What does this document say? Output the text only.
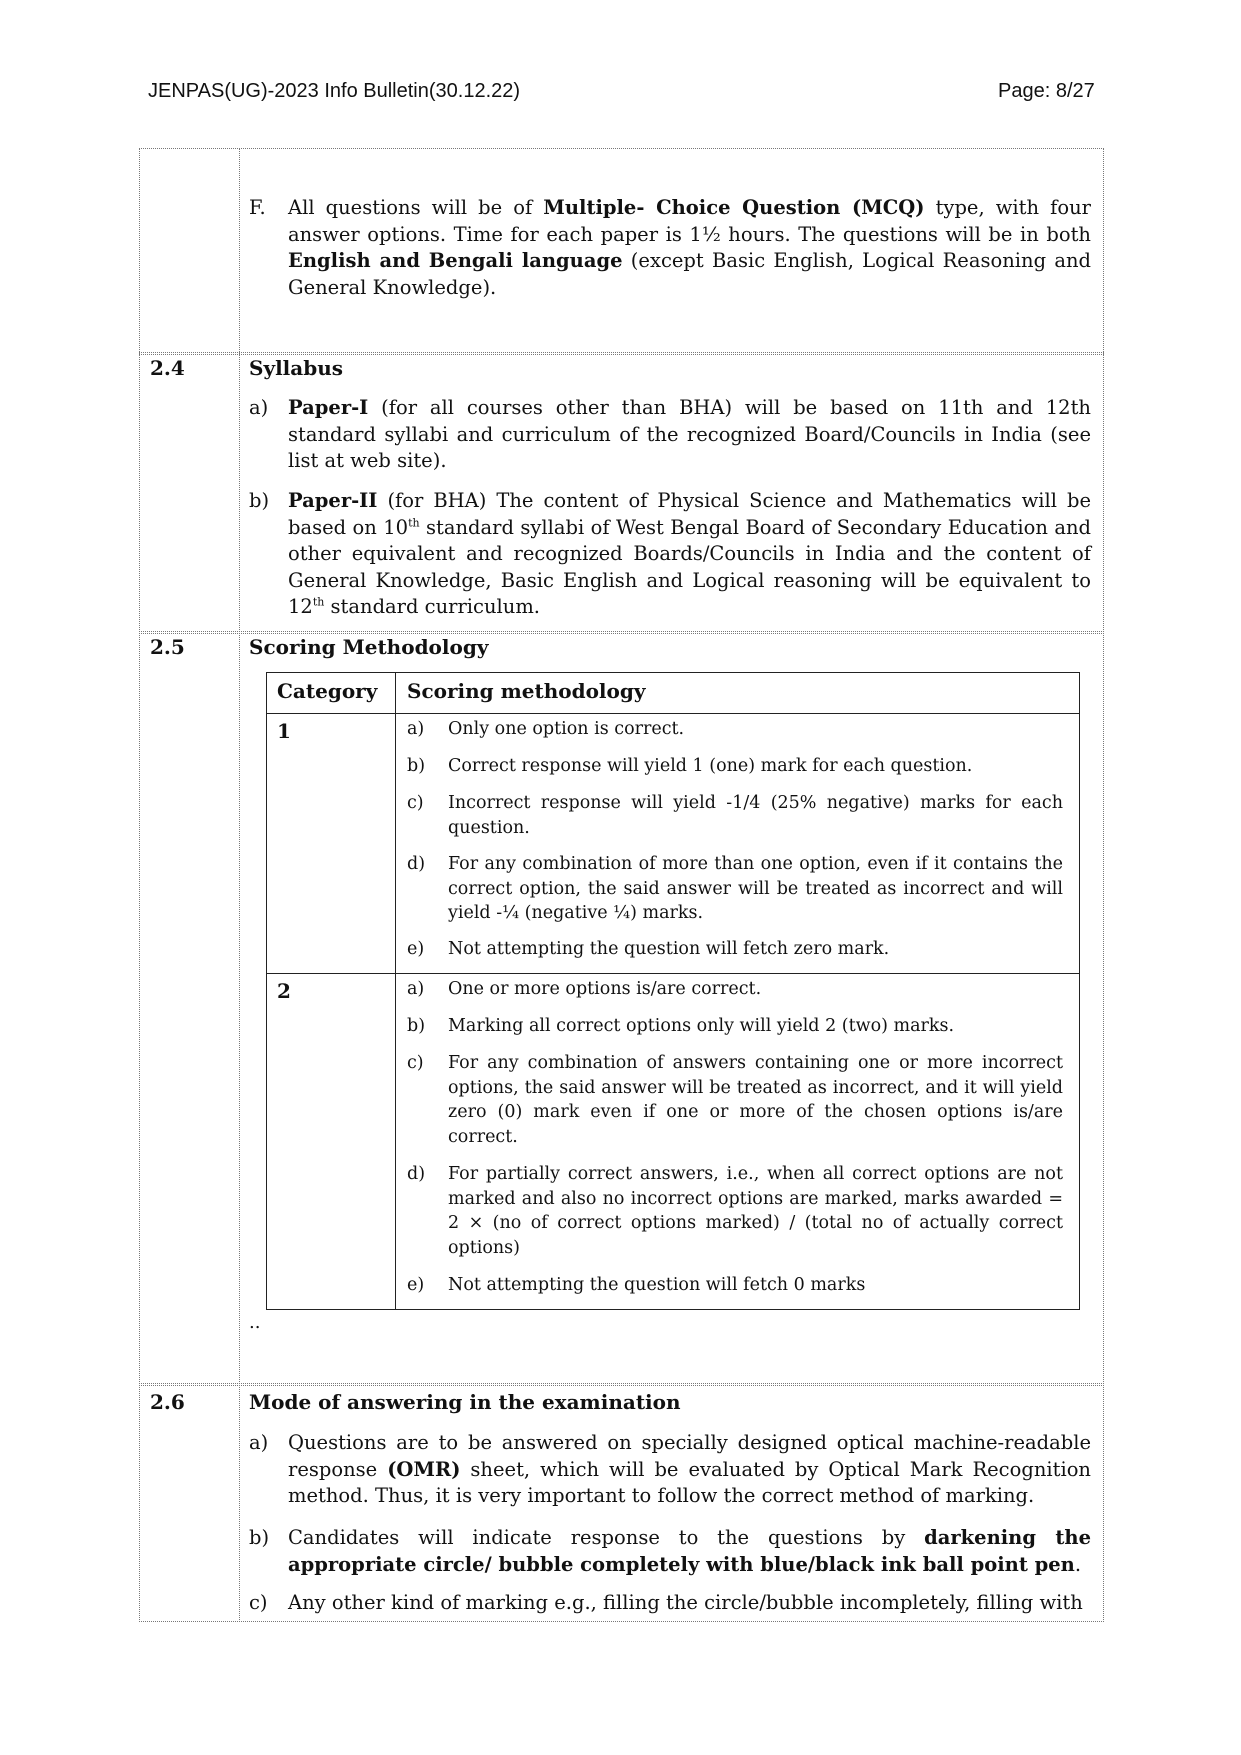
JENPAS(UG)-2023 Info Bulletin(30.12.22)	Page: 8/27
F. All questions will be of Multiple- Choice Question (MCQ) type, with four answer options. Time for each paper is 1½ hours. The questions will be in both English and Bengali language (except Basic English, Logical Reasoning and General Knowledge).
2.4	Syllabus
a) Paper-I (for all courses other than BHA) will be based on 11th and 12th standard syllabi and curriculum of the recognized Board/Councils in India (see list at web site).
b) Paper-II (for BHA) The content of Physical Science and Mathematics will be based on 10th standard syllabi of West Bengal Board of Secondary Education and other equivalent and recognized Boards/Councils in India and the content of General Knowledge, Basic English and Logical reasoning will be equivalent to 12th standard curriculum.
2.5	Scoring Methodology
Category Scoring methodology
1	a) Only one option is correct.
b) Correct response will yield 1 (one) mark for each question.
c) Incorrect response will yield -1/4 (25% negative) marks for each question.
d) For any combination of more than one option, even if it contains the correct option, the said answer will be treated as incorrect and will yield -¼ (negative ¼) marks.
e) Not attempting the question will fetch zero mark.
2	a) One or more options is/are correct.
b) Marking all correct options only will yield 2 (two) marks.
c) For any combination of answers containing one or more incorrect options, the said answer will be treated as incorrect, and it will yield zero (0) mark even if one or more of the chosen options is/are correct.
d) For partially correct answers, i.e., when all correct options are not marked and also no incorrect options are marked, marks awarded = 2 × (no of correct options marked) / (total no of actually correct options)
e) Not attempting the question will fetch 0 marks
..
2.6	Mode of answering in the examination
a) Questions are to be answered on specially designed optical machine-readable response (OMR) sheet, which will be evaluated by Optical Mark Recognition method. Thus, it is very important to follow the correct method of marking.
b) Candidates will indicate response to the questions by darkening the appropriate circle/ bubble completely with blue/black ink ball point pen.
c) Any other kind of marking e.g., filling the circle/bubble incompletely, filling with
